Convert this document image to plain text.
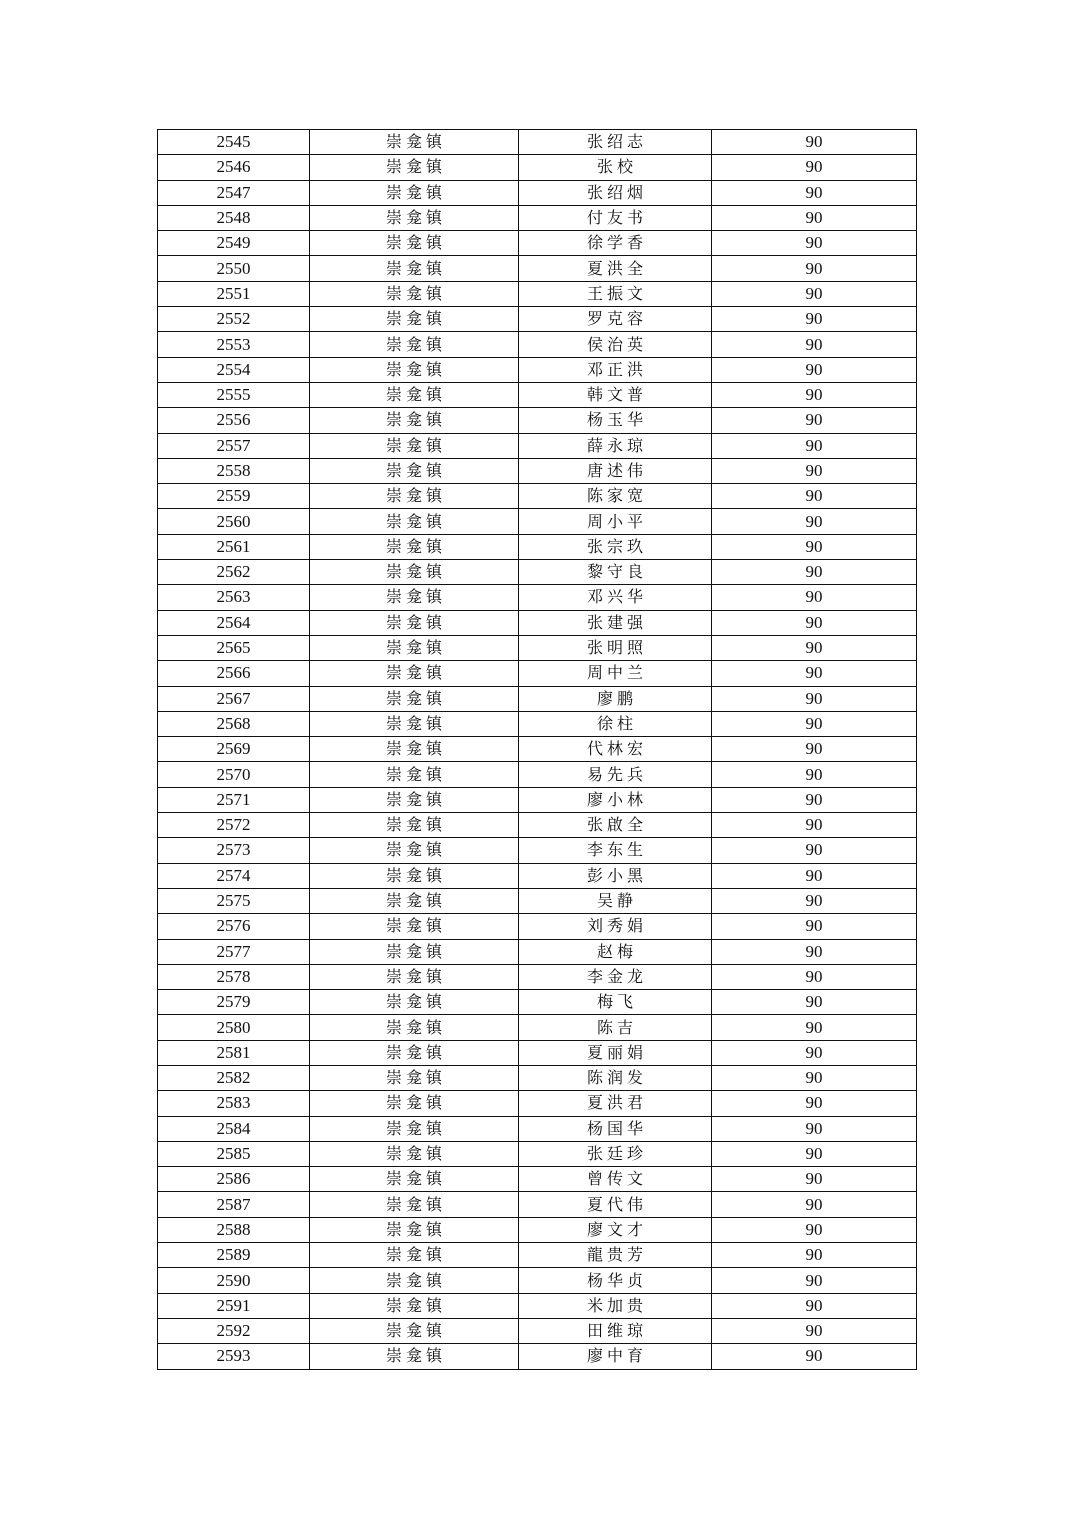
2545	崇龛镇	张绍志	90
2546	崇龛镇	张校	90
2547	崇龛镇	张绍烟	90
2548	崇龛镇	付友书	90
2549	崇龛镇	徐学香	90
2550	崇龛镇	夏洪全	90
2551	崇龛镇	王振文	90
2552	崇龛镇	罗克容	90
2553	崇龛镇	侯治英	90
2554	崇龛镇	邓正洪	90
2555	崇龛镇	韩文普	90
2556	崇龛镇	杨玉华	90
2557	崇龛镇	薛永琼	90
2558	崇龛镇	唐述伟	90
2559	崇龛镇	陈家宽	90
2560	崇龛镇	周小平	90
2561	崇龛镇	张宗玖	90
2562	崇龛镇	黎守良	90
2563	崇龛镇	邓兴华	90
2564	崇龛镇	张建强	90
2565	崇龛镇	张明照	90
2566	崇龛镇	周中兰	90
2567	崇龛镇	廖鹏	90
2568	崇龛镇	徐柱	90
2569	崇龛镇	代林宏	90
2570	崇龛镇	易先兵	90
2571	崇龛镇	廖小林	90
2572	崇龛镇	张啟全	90
2573	崇龛镇	李东生	90
2574	崇龛镇	彭小黑	90
2575	崇龛镇	吴静	90
2576	崇龛镇	刘秀娟	90
2577	崇龛镇	赵梅	90
2578	崇龛镇	李金龙	90
2579	崇龛镇	梅飞	90
2580	崇龛镇	陈吉	90
2581	崇龛镇	夏丽娟	90
2582	崇龛镇	陈润发	90
2583	崇龛镇	夏洪君	90
2584	崇龛镇	杨国华	90
2585	崇龛镇	张廷珍	90
2586	崇龛镇	曾传文	90
2587	崇龛镇	夏代伟	90
2588	崇龛镇	廖文才	90
2589	崇龛镇	龍贵芳	90
2590	崇龛镇	杨华贞	90
2591	崇龛镇	米加贵	90
2592	崇龛镇	田维琼	90
2593	崇龛镇	廖中育	90
